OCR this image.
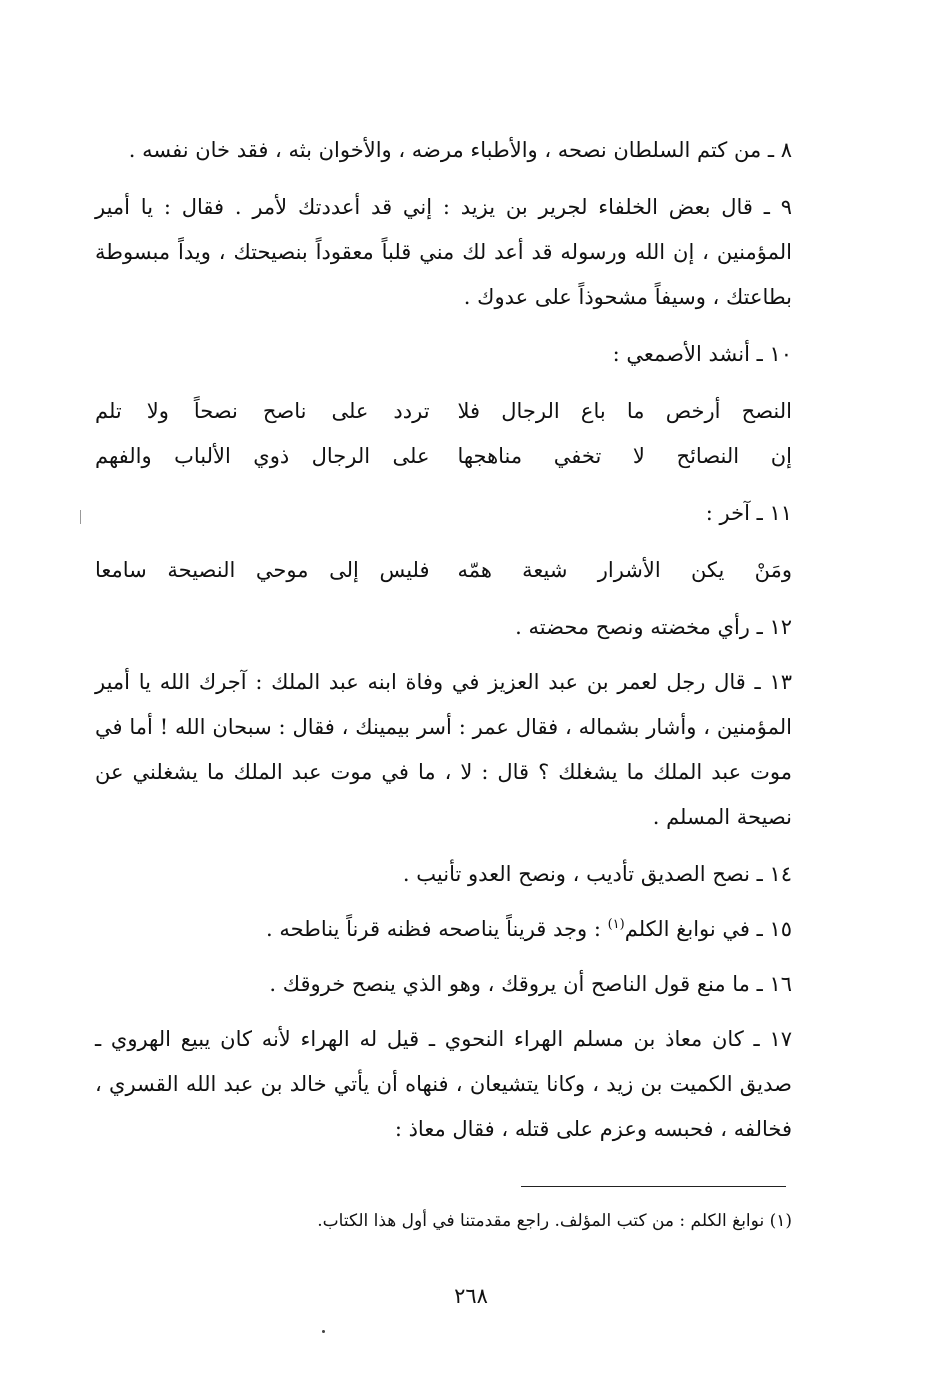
٨ ـ من كتم السلطان نصحه ، والأطباء مرضه ، والأخوان بثه ، فقد خان نفسه .

٩ ـ قال بعض الخلفاء لجرير بن يزيد : إني قد أعددتك لأمر . فقال : يا أمير المؤمنين ، إن الله ورسوله قد أعد لك مني قلباً معقوداً بنصيحتك ، ويداً مبسوطة بطاعتك ، وسيفاً مشحوذاً على عدوك .

١٠ ـ أنشد الأصمعي :

النصح أرخص ما باع الرجال فلا
تردد على ناصح نصحاً ولا تلم
إن النصائح لا تخفي مناهجها
على الرجال ذوي الألباب والفهم

١١ ـ آخر :

ومَنْ يكن الأشرار شيعة همّه
فليس إلى موحي النصيحة سامعا

١٢ ـ رأي مخضته ونصح محضته .

١٣ ـ قال رجل لعمر بن عبد العزيز في وفاة ابنه عبد الملك : آجرك الله يا أمير المؤمنين ، وأشار بشماله ، فقال عمر : أسر بيمينك ، فقال : سبحان الله ! أما في موت عبد الملك ما يشغلك ؟ قال : لا ، ما في موت عبد الملك ما يشغلني عن نصيحة المسلم .

١٤ ـ نصح الصديق تأديب ، ونصح العدو تأنيب .

١٥ ـ في نوابغ الكلم$^{(١)}$ : وجد قريناً يناصحه فظنه قرناً يناطحه .

١٦ ـ ما منع قول الناصح أن يروقك ، وهو الذي ينصح خروقك .

١٧ ـ كان معاذ بن مسلم الهراء النحوي ـ قيل له الهراء لأنه كان يبيع الهروي ـ صديق الكميت بن زيد ، وكانا يتشيعان ، فنهاه أن يأتي خالد بن عبد الله القسري ، فخالفه ، فحبسه وعزم على قتله ، فقال معاذ :

(١) نوابغ الكلم : من كتب المؤلف. راجع مقدمتنا في أول هذا الكتاب.
٢٦٨
